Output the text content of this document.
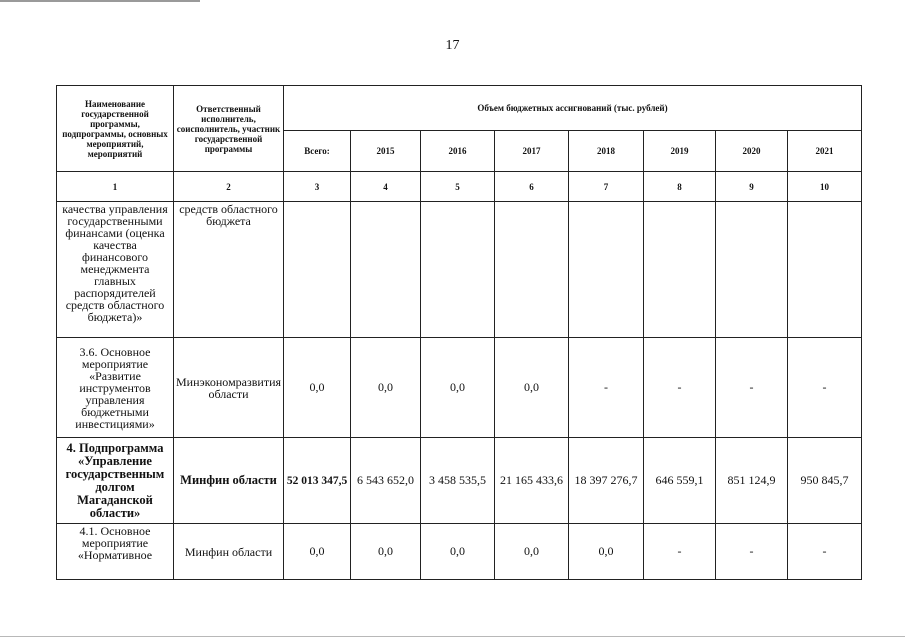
17
Наименование государственной программы, подпрограммы, основных мероприятий, мероприятий	Ответственный исполнитель, соисполнитель, участник государственной программы	Объем бюджетных ассигнований (тыс. рублей)							
		Всего:	2015	2016	2017	2018	2019	2020	2021
1	2	3	4	5	6	7	8	9	10
качества управления государственными финансами (оценка качества финансового менеджмента главных распорядителей средств областного бюджета)»	средств областного бюджета								
3.6. Основное мероприятие «Развитие инструментов управления бюджетными инвестициями»	Минэкономразвития области	0,0	0,0	0,0	0,0	-	-	-	-
4. Подпрограмма «Управление государственным долгом Магаданской области»	Минфин области	52 013 347,5	6 543 652,0	3 458 535,5	21 165 433,6	18 397 276,7	646 559,1	851 124,9	950 845,7
4.1. Основное мероприятие «Нормативное	Минфин области	0,0	0,0	0,0	0,0	0,0	-	-	-
